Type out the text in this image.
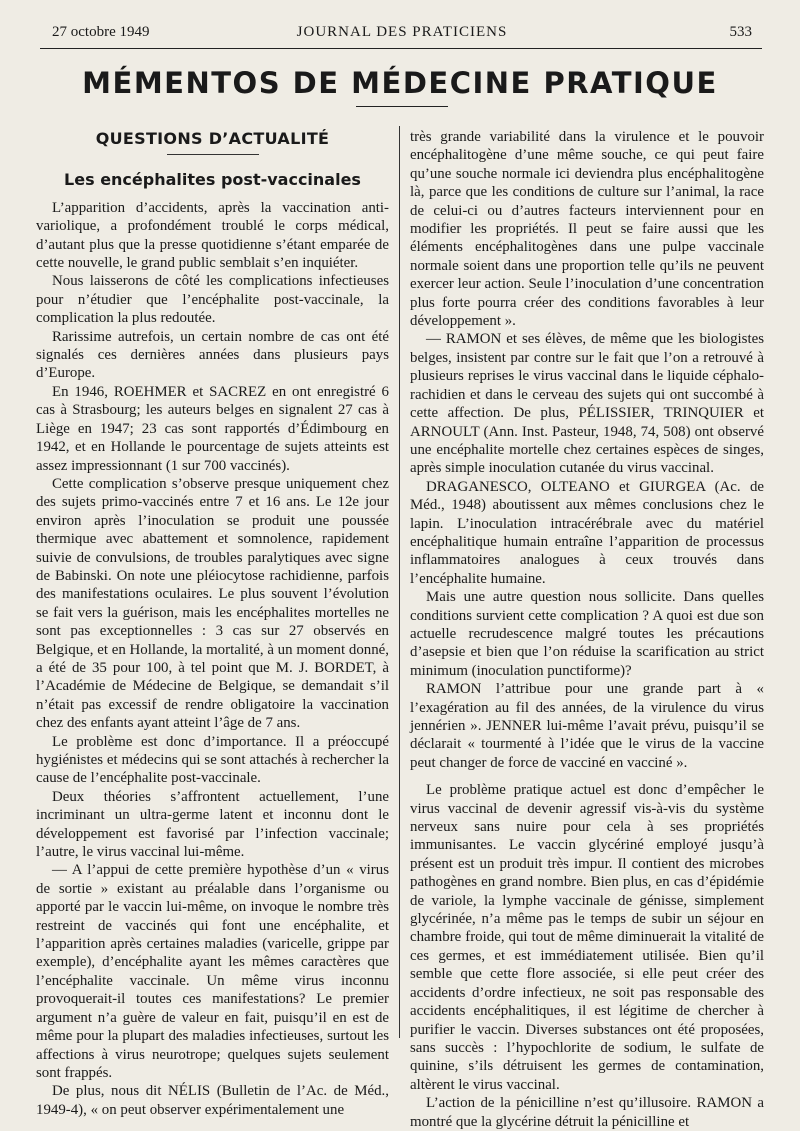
27 octobre 1949	JOURNAL DES PRATICIENS	533
MÉMENTOS DE MÉDECINE PRATIQUE
QUESTIONS D’ACTUALITÉ
Les encéphalites post-vaccinales

L’apparition d’accidents, après la vaccination anti-variolique, a profondément troublé le corps médical, d’autant plus que la presse quotidienne s’étant emparée de cette nouvelle, le grand public semblait s’en inquiéter.

Nous laisserons de côté les complications infectieuses pour n’étudier que l’encéphalite post-vaccinale, la complication la plus redoutée.

Rarissime autrefois, un certain nombre de cas ont été signalés ces dernières années dans plusieurs pays d’Europe.

En 1946, ROEHMER et SACREZ en ont enregistré 6 cas à Strasbourg; les auteurs belges en signalent 27 cas à Liège en 1947; 23 cas sont rapportés d’Édimbourg en 1942, et en Hollande le pourcentage de sujets atteints est assez impressionnant (1 sur 700 vaccinés).

Cette complication s’observe presque uniquement chez des sujets primo-vaccinés entre 7 et 16 ans. Le 12e jour environ après l’inoculation se produit une poussée thermique avec abattement et somnolence, rapidement suivie de convulsions, de troubles paralytiques avec signe de Babinski. On note une pléiocytose rachidienne, parfois des manifestations oculaires. Le plus souvent l’évolution se fait vers la guérison, mais les encéphalites mortelles ne sont pas exceptionnelles : 3 cas sur 27 observés en Belgique, et en Hollande, la mortalité, à un moment donné, a été de 35 pour 100, à tel point que M. J. BORDET, à l’Académie de Médecine de Belgique, se demandait s’il n’était pas excessif de rendre obligatoire la vaccination chez des enfants ayant atteint l’âge de 7 ans.

Le problème est donc d’importance. Il a préoccupé hygiénistes et médecins qui se sont attachés à rechercher la cause de l’encéphalite post-vaccinale.

Deux théories s’affrontent actuellement, l’une incriminant un ultra-germe latent et inconnu dont le développement est favorisé par l’infection vaccinale; l’autre, le virus vaccinal lui-même.

— A l’appui de cette première hypothèse d’un « virus de sortie » existant au préalable dans l’organisme ou apporté par le vaccin lui-même, on invoque le nombre très restreint de vaccinés qui font une encéphalite, et l’apparition après certaines maladies (varicelle, grippe par exemple), d’encéphalite ayant les mêmes caractères que l’encéphalite vaccinale. Un même virus inconnu provoquerait-il toutes ces manifestations? Le premier argument n’a guère de valeur en fait, puisqu’il en est de même pour la plupart des maladies infectieuses, surtout les affections à virus neurotrope; quelques sujets seulement sont frappés.

De plus, nous dit NÉLIS (Bulletin de l’Ac. de Méd., 1949-4), « on peut observer expérimentalement une

très grande variabilité dans la virulence et le pouvoir encéphalitogène d’une même souche, ce qui peut faire qu’une souche normale ici deviendra plus encéphalitogène là, parce que les conditions de culture sur l’animal, la race de celui-ci ou d’autres facteurs interviennent pour en modifier les propriétés. Il peut se faire aussi que les éléments encéphalitogènes dans une pulpe vaccinale normale soient dans une proportion telle qu’ils ne peuvent exercer leur action. Seule l’inoculation d’une concentration plus forte pourra créer des conditions favorables à leur développement ».

— RAMON et ses élèves, de même que les biologistes belges, insistent par contre sur le fait que l’on a retrouvé à plusieurs reprises le virus vaccinal dans le liquide céphalo-rachidien et dans le cerveau des sujets qui ont succombé à cette affection. De plus, PÉLISSIER, TRINQUIER et ARNOULT (Ann. Inst. Pasteur, 1948, 74, 508) ont observé une encéphalite mortelle chez certaines espèces de singes, après simple inoculation cutanée du virus vaccinal.

DRAGANESCO, OLTEANO et GIURGEA (Ac. de Méd., 1948) aboutissent aux mêmes conclusions chez le lapin. L’inoculation intracérébrale avec du matériel encéphalitique humain entraîne l’apparition de processus inflammatoires analogues à ceux trouvés dans l’encéphalite humaine.

Mais une autre question nous sollicite. Dans quelles conditions survient cette complication ? A quoi est due son actuelle recrudescence malgré toutes les précautions d’asepsie et bien que l’on réduise la scarification au strict minimum (inoculation punctiforme)?

RAMON l’attribue pour une grande part à « l’exagération au fil des années, de la virulence du virus jennérien ». JENNER lui-même l’avait prévu, puisqu’il se déclarait « tourmenté à l’idée que le virus de la vaccine peut changer de force de vacciné en vacciné ».

Le problème pratique actuel est donc d’empêcher le virus vaccinal de devenir agressif vis-à-vis du système nerveux sans nuire pour cela à ses propriétés immunisantes. Le vaccin glycériné employé jusqu’à présent est un produit très impur. Il contient des microbes pathogènes en grand nombre. Bien plus, en cas d’épidémie de variole, la lymphe vaccinale de génisse, simplement glycérinée, n’a même pas le temps de subir un séjour en chambre froide, qui tout de même diminuerait la vitalité de ces germes, et est immédiatement utilisée. Bien qu’il semble que cette flore associée, si elle peut créer des accidents d’ordre infectieux, ne soit pas responsable des accidents encéphalitiques, il est légitime de chercher à purifier le vaccin. Diverses substances ont été proposées, sans succès : l’hypochlorite de sodium, le sulfate de quinine, s’ils détruisent les germes de contamination, altèrent le virus vaccinal.

L’action de la pénicilline n’est qu’illusoire. RAMON a montré que la glycérine détruit la pénicilline et
